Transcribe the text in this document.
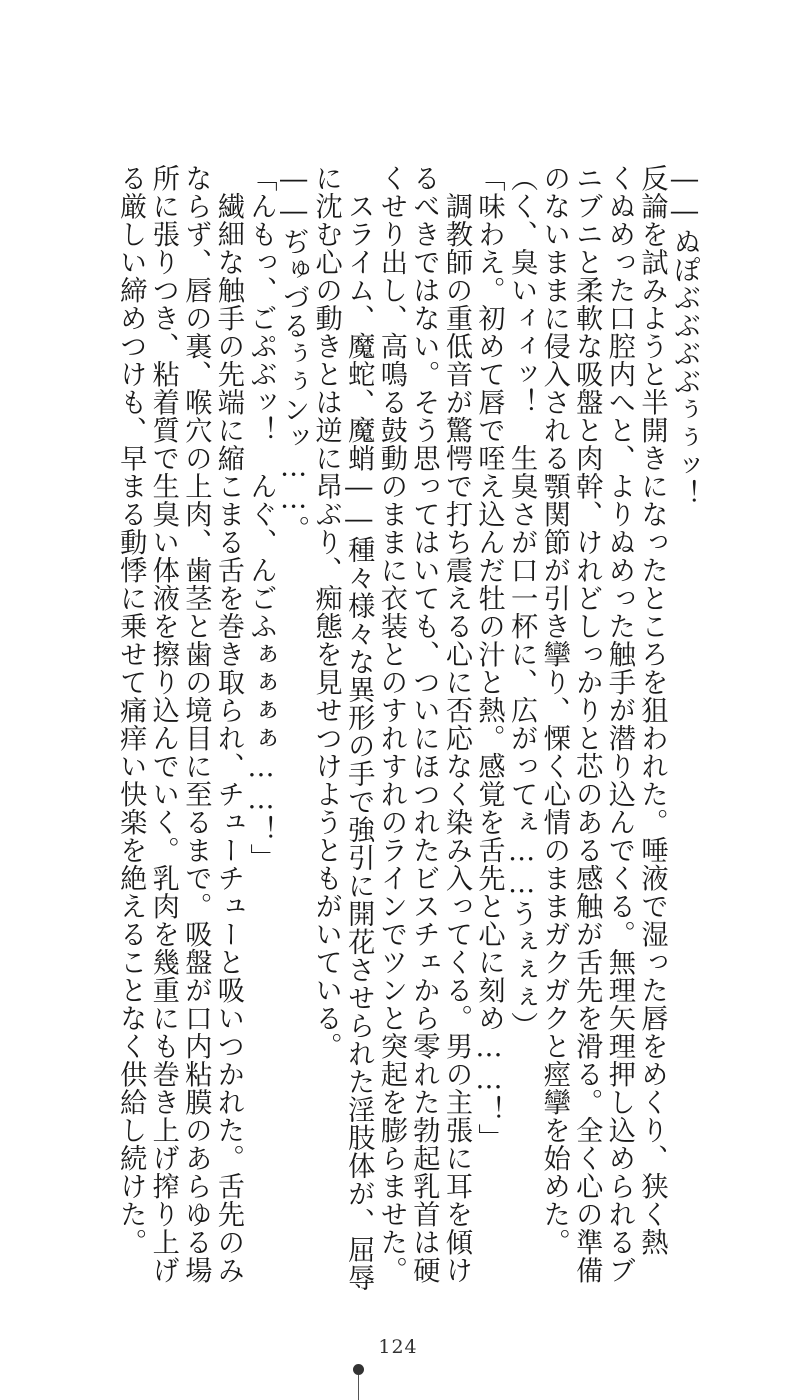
――ぬぽぶぶぶぶぅぅッ！
反論を試みようと半開きになったところを狙われた。唾液で湿った唇をめくり、狭く熱
くぬめった口腔内へと、よりぬめった触手が潜り込んでくる。無理矢理押し込められるブ
ニブニと柔軟な吸盤と肉幹、けれどしっかりと芯のある感触が舌先を滑る。全く心の準備
のないままに侵入される顎関節が引き攣り、慄く心情のままガクガクと痙攣を始めた。
（く、臭いィィッ！　生臭さが口一杯に、広がってぇ……うぇぇぇ）
「味わえ。初めて唇で咥え込んだ牡の汁と熱。感覚を舌先と心に刻め……！」
　調教師の重低音が驚愕で打ち震える心に否応なく染み入ってくる。男の主張に耳を傾け
るべきではない。そう思ってはいても、ついにほつれたビスチェから零れた勃起乳首は硬
くせり出し、高鳴る鼓動のままに衣装とのすれすれのラインでツンと突起を膨らませた。
　スライム、魔蛇、魔蛸――種々様々な異形の手で強引に開花させられた淫肢体が、屈辱
に沈む心の動きとは逆に昂ぶり、痴態を見せつけようともがいている。
――ぢゅづるぅぅンッ……。
「んもっ、ごぷぶッ！　んぐ、んごふぁぁぁぁ……！」
　繊細な触手の先端に縮こまる舌を巻き取られ、チューチューと吸いつかれた。舌先のみ
ならず、唇の裏、喉穴の上肉、歯茎と歯の境目に至るまで。吸盤が口内粘膜のあらゆる場
所に張りつき、粘着質で生臭い体液を擦り込んでいく。乳肉を幾重にも巻き上げ搾り上げ
る厳しい締めつけも、早まる動悸に乗せて痛痒い快楽を絶えることなく供給し続けた。
124
